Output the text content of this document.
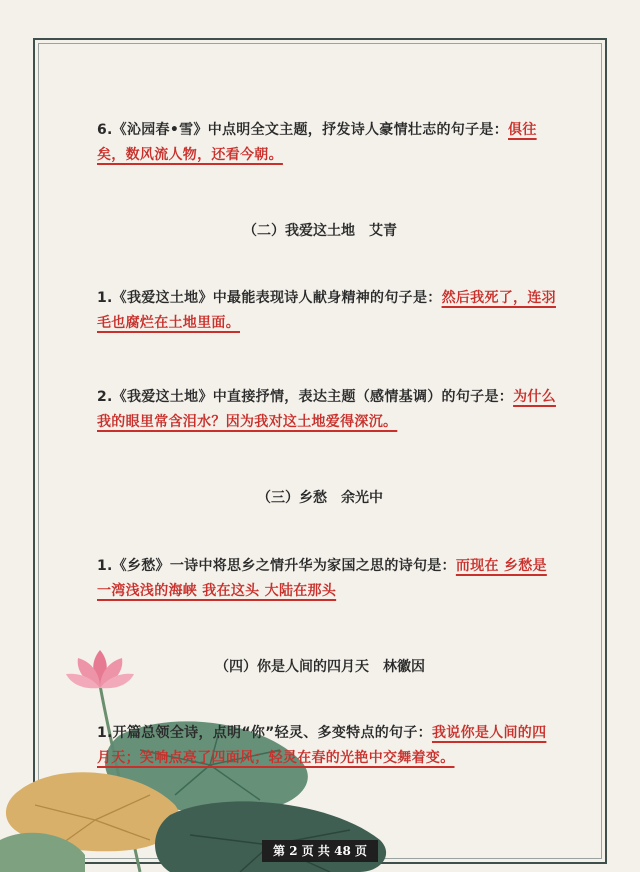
6.《沁园春•雪》中点明全文主题，抒发诗人豪情壮志的句子是：俱往矣，数风流人物，还看今朝。
（二）我爱这土地　艾青
1.《我爱这土地》中最能表现诗人献身精神的句子是：然后我死了，连羽毛也腐烂在土地里面。
2.《我爱这土地》中直接抒情，表达主题（感情基调）的句子是：为什么我的眼里常含泪水？因为我对这土地爱得深沉。
（三）乡愁　余光中
1.《乡愁》一诗中将思乡之情升华为家国之思的诗句是：而现在 乡愁是一湾浅浅的海峡 我在这头 大陆在那头
（四）你是人间的四月天　林徽因
1.开篇总领全诗，点明“你”轻灵、多变特点的句子：我说你是人间的四月天；笑响点亮了四面风；轻灵在春的光艳中交舞着变。
第 2 页 共 48 页
